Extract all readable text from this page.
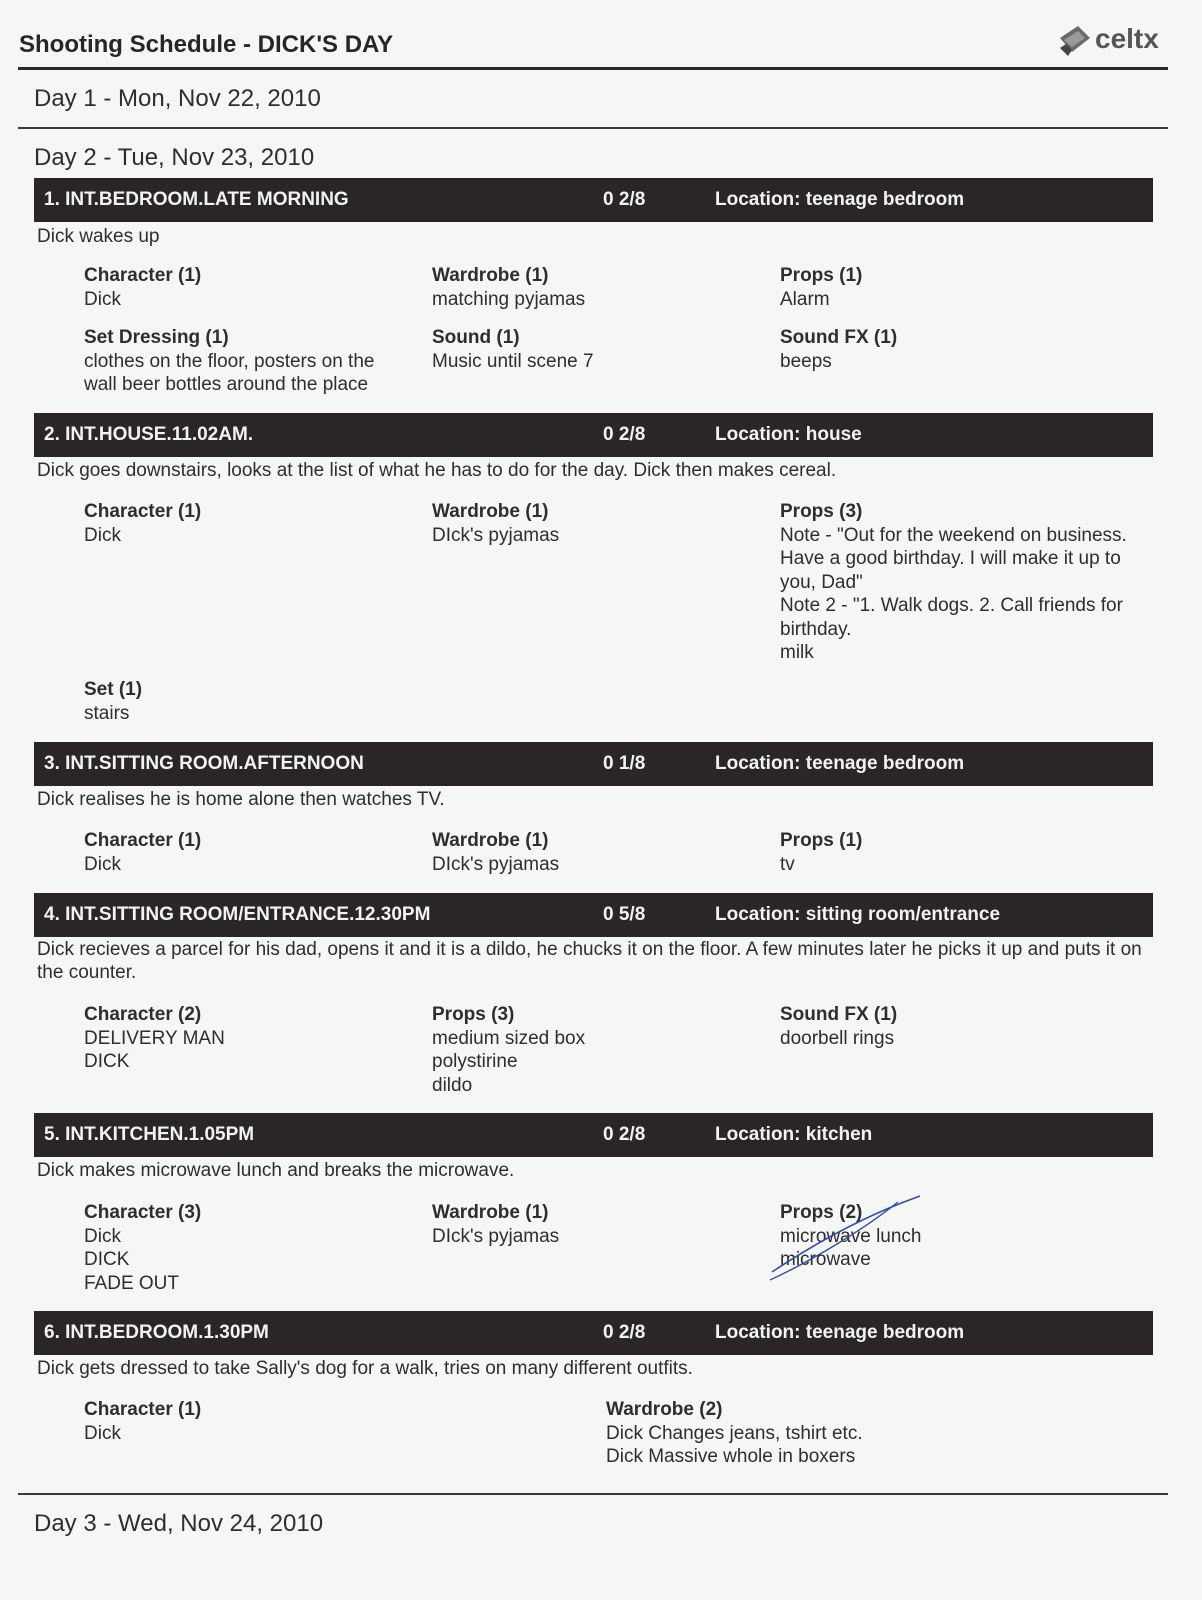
Shooting Schedule - DICK'S DAY	celtx
Day 1 - Mon, Nov 22, 2010
Day 2 - Tue, Nov 23, 2010
1. INT.BEDROOM.LATE MORNING	0 2/8	Location: teenage bedroom
Dick wakes up
Character (1)
Dick
Wardrobe (1)
matching pyjamas
Props (1)
Alarm
Set Dressing (1)
clothes on the floor, posters on the wall beer bottles around the place
Sound (1)
Music until scene 7
Sound FX (1)
beeps
2. INT.HOUSE.11.02AM.	0 2/8	Location: house
Dick goes downstairs, looks at the list of what he has to do for the day. Dick then makes cereal.
Character (1)
Dick
Wardrobe (1)
DIck's pyjamas
Props (3)
Note - "Out for the weekend on business. Have a good birthday. I will make it up to you, Dad"
Note 2 - "1. Walk dogs. 2. Call friends for birthday.
milk
Set (1)
stairs
3. INT.SITTING ROOM.AFTERNOON	0 1/8	Location: teenage bedroom
Dick realises he is home alone then watches TV.
Character (1)
Dick
Wardrobe (1)
DIck's pyjamas
Props (1)
tv
4. INT.SITTING ROOM/ENTRANCE.12.30PM	0 5/8	Location: sitting room/entrance
Dick recieves a parcel for his dad, opens it and it is a dildo, he chucks it on the floor. A few minutes later he picks it up and puts it on the counter.
Character (2)
DELIVERY MAN
DICK
Props (3)
medium sized box
polystirine
dildo
Sound FX (1)
doorbell rings
5. INT.KITCHEN.1.05PM	0 2/8	Location: kitchen
Dick makes microwave lunch and breaks the microwave.
Character (3)
Dick
DICK
FADE OUT
Wardrobe (1)
DIck's pyjamas
Props (2)
microwave lunch
microwave
6. INT.BEDROOM.1.30PM	0 2/8	Location: teenage bedroom
Dick gets dressed to take Sally's dog for a walk, tries on many different outfits.
Character (1)
Dick
Wardrobe (2)
Dick Changes jeans, tshirt etc.
Dick Massive whole in boxers
Day 3 - Wed, Nov 24, 2010
